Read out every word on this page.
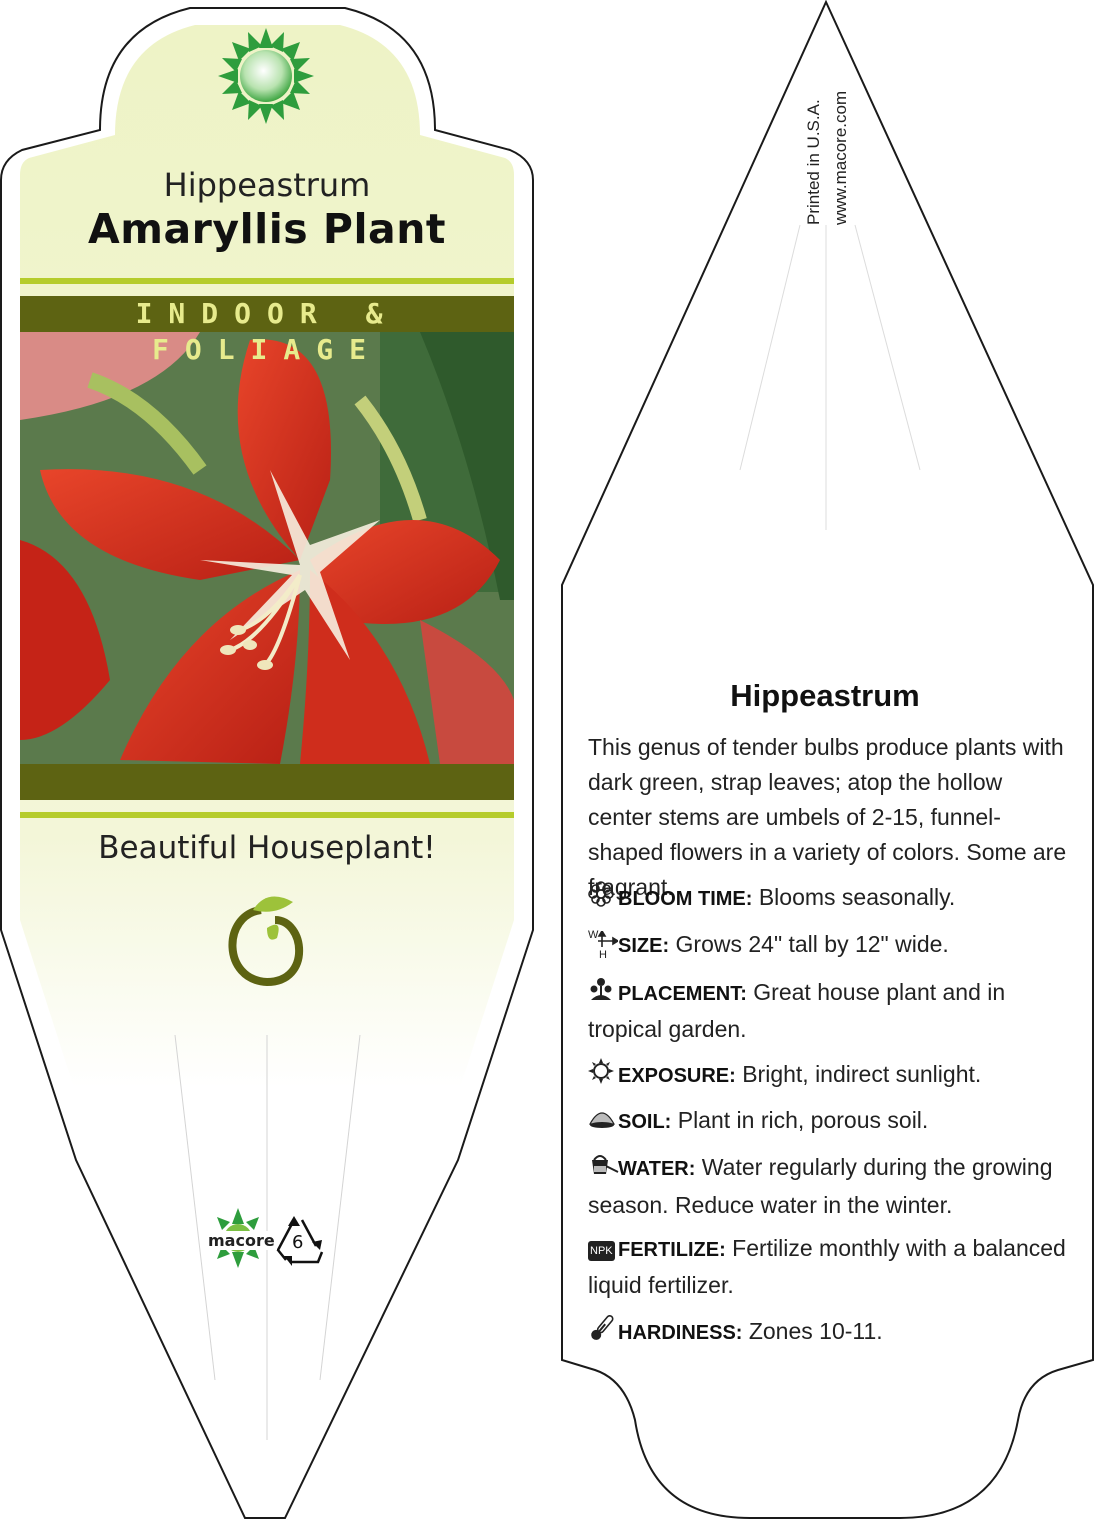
Hippeastrum
Amaryllis Plant
INDOOR & FOLIAGE
Beautiful Houseplant!
macore 6
Printed in U.S.A. www.macore.com
Hippeastrum
This genus of tender bulbs produce plants with dark green, strap leaves; atop the hollow center stems are umbels of 2-15, funnel-shaped flowers in a variety of colors. Some are fragrant.
BLOOM TIME: Blooms seasonally.
W
H SIZE: Grows 24" tall by 12" wide.
PLACEMENT: Great house plant and in tropical garden.
EXPOSURE: Bright, indirect sunlight.
SOIL: Plant in rich, porous soil.
WATER: Water regularly during the growing season. Reduce water in the winter.
NPK FERTILIZE: Fertilize monthly with a balanced liquid fertilizer.
HARDINESS: Zones 10-11.
